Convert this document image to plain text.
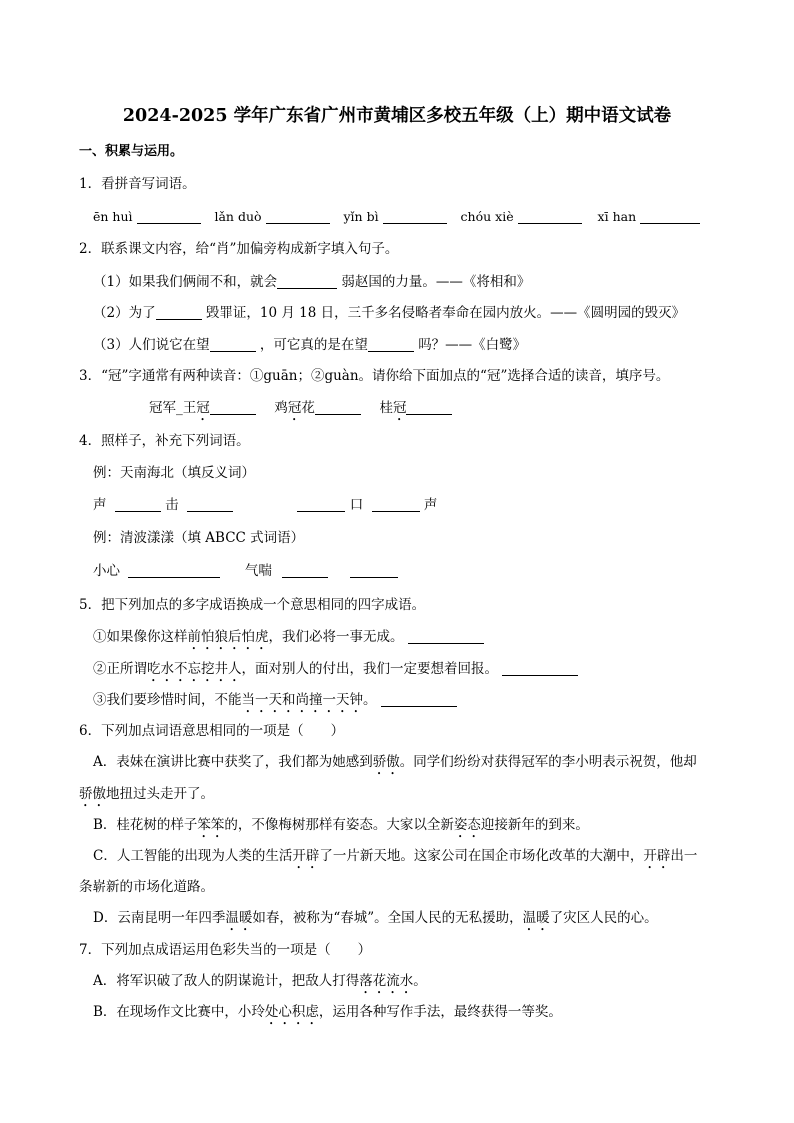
2024-2025 学年广东省广州市黄埔区多校五年级（上）期中语文试卷
一、积累与运用。
1．看拼音写词语。
ēn huì	lǎn duò	yǐn bì	chóu xiè	xī han
2．联系课文内容，给“肖”加偏旁构成新字填入句子。
（1）如果我们俩闹不和，就会	弱赵国的力量。——《将相和》
（2）为了	毁罪证，10 月 18 日，三千多名侵略者奉命在园内放火。——《圆明园的毁灭》
（3）人们说它在望	，可它真的是在望	吗？——《白鹭》
3．“冠”字通常有两种读音：①guān；②guàn。请你给下面加点的“冠”选择合适的读音，填序号。
冠军_王冠	鸡冠花	桂冠
4．照样子，补充下列词语。
例：天南海北（填反义词）
声	击	口	声
例：清波漾漾（填 ABCC 式词语）
小心	气喘
5．把下列加点的多字成语换成一个意思相同的四字成语。
①如果像你这样前怕狼后怕虎，我们必将一事无成。
②正所谓吃水不忘挖井人，面对别人的付出，我们一定要想着回报。
③我们要珍惜时间，不能当一天和尚撞一天钟。
6．下列加点词语意思相同的一项是（　　）
A．表妹在演讲比赛中获奖了，我们都为她感到骄傲。同学们纷纷对获得冠军的李小明表示祝贺，他却
骄傲地扭过头走开了。
B．桂花树的样子笨笨的，不像梅树那样有姿态。大家以全新姿态迎接新年的到来。
C．人工智能的出现为人类的生活开辟了一片新天地。这家公司在国企市场化改革的大潮中，开辟出一
条崭新的市场化道路。
D．云南昆明一年四季温暖如春，被称为“春城”。全国人民的无私援助，温暖了灾区人民的心。
7．下列加点成语运用色彩失当的一项是（　　）
A．将军识破了敌人的阴谋诡计，把敌人打得落花流水。
B．在现场作文比赛中，小玲处心积虑，运用各种写作手法，最终获得一等奖。
